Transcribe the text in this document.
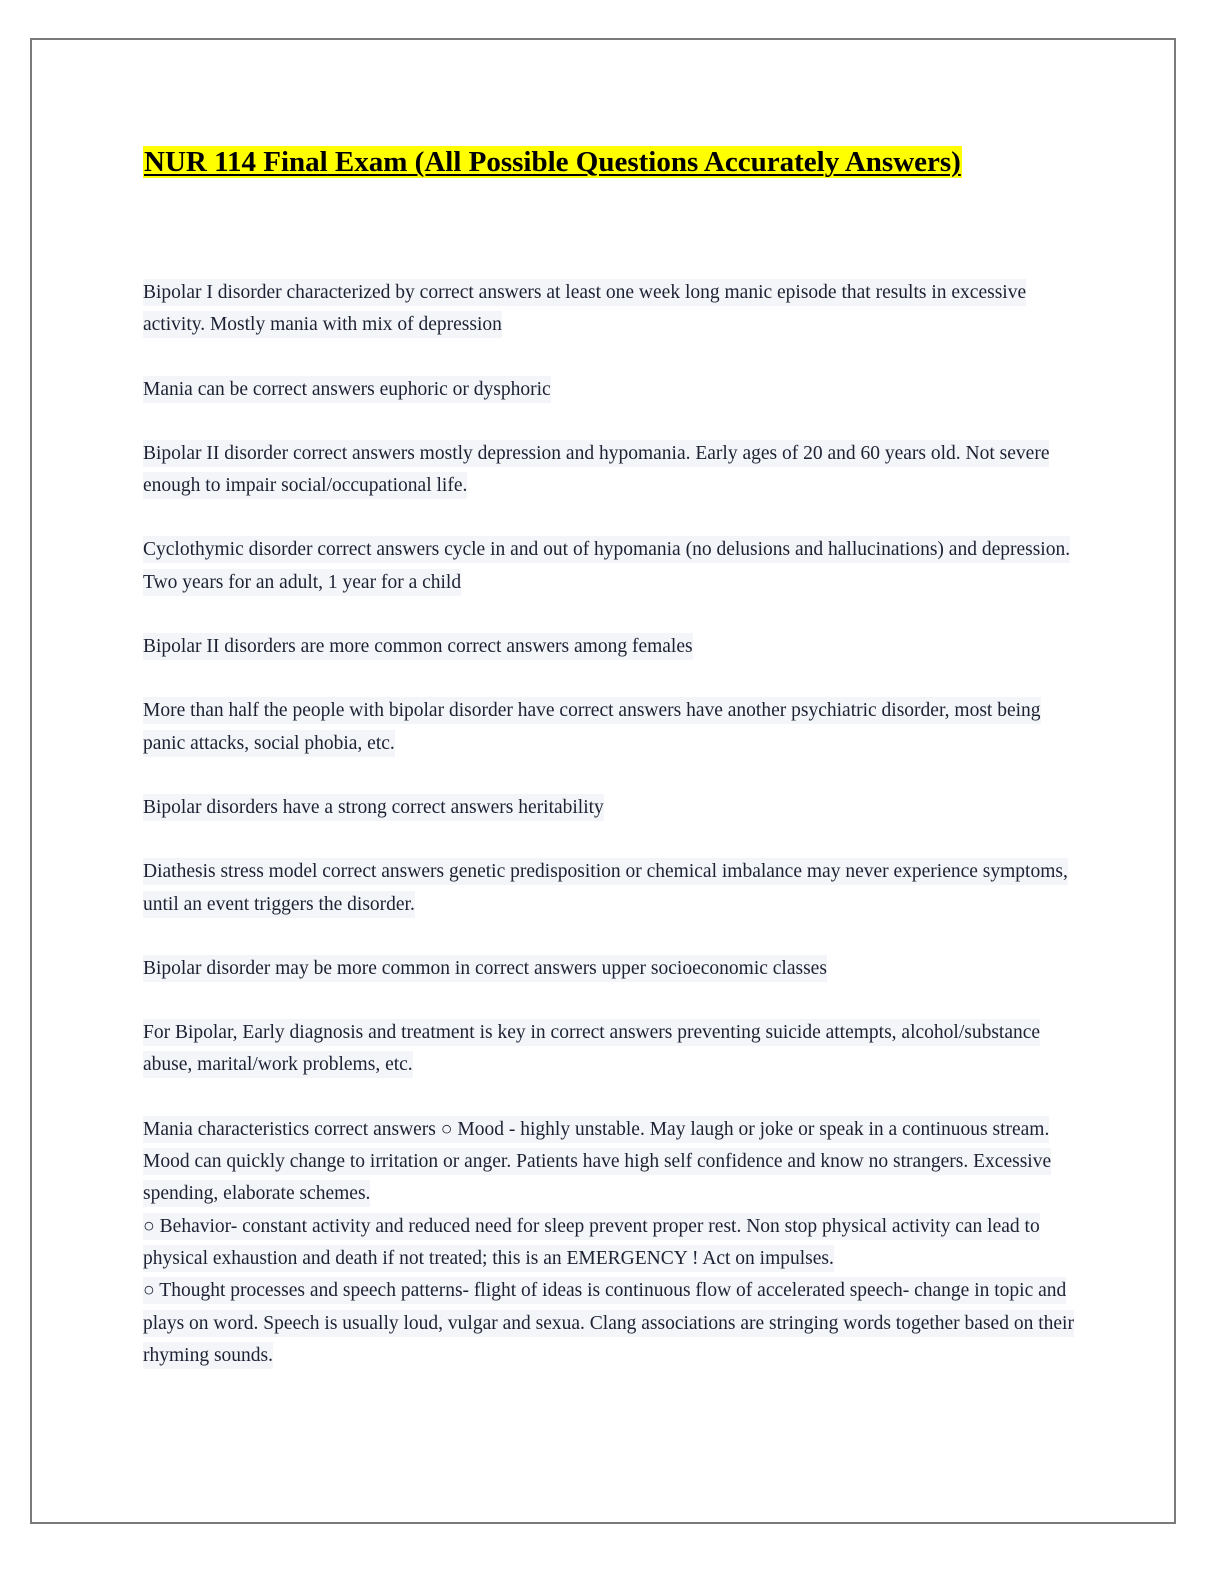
NUR 114 Final Exam (All Possible Questions Accurately Answers)

Bipolar I disorder characterized by correct answers at least one week long manic episode that results in excessive activity. Mostly mania with mix of depression

Mania can be correct answers euphoric or dysphoric

Bipolar II disorder correct answers mostly depression and hypomania. Early ages of 20 and 60 years old. Not severe enough to impair social/occupational life.

Cyclothymic disorder correct answers cycle in and out of hypomania (no delusions and hallucinations) and depression. Two years for an adult, 1 year for a child

Bipolar II disorders are more common correct answers among females

More than half the people with bipolar disorder have correct answers have another psychiatric disorder, most being panic attacks, social phobia, etc.

Bipolar disorders have a strong correct answers heritability

Diathesis stress model correct answers genetic predisposition or chemical imbalance may never experience symptoms, until an event triggers the disorder.

Bipolar disorder may be more common in correct answers upper socioeconomic classes

For Bipolar, Early diagnosis and treatment is key in correct answers preventing suicide attempts, alcohol/substance abuse, marital/work problems, etc.

Mania characteristics correct answers ○ Mood - highly unstable. May laugh or joke or speak in a continuous stream. Mood can quickly change to irritation or anger. Patients have high self confidence and know no strangers. Excessive spending, elaborate schemes.
○ Behavior- constant activity and reduced need for sleep prevent proper rest. Non stop physical activity can lead to physical exhaustion and death if not treated; this is an EMERGENCY ! Act on impulses.
○ Thought processes and speech patterns- flight of ideas is continuous flow of accelerated speech- change in topic and plays on word. Speech is usually loud, vulgar and sexua. Clang associations are stringing words together based on their rhyming sounds.
